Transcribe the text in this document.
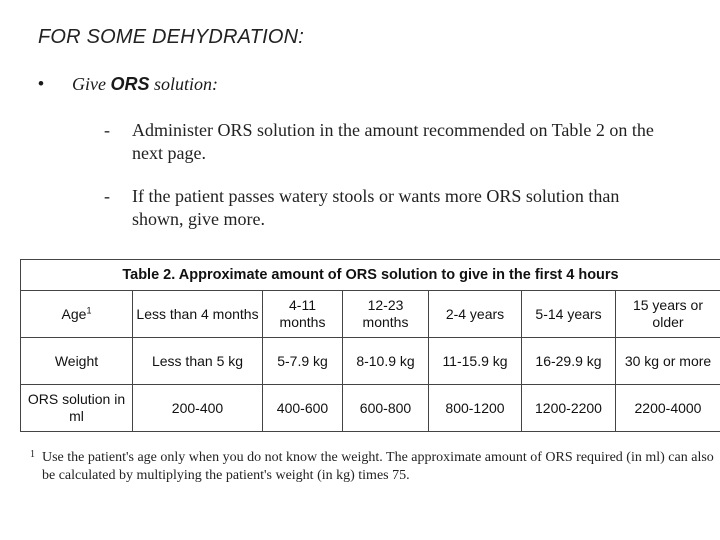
FOR SOME DEHYDRATION:
• Give ORS solution:
- Administer ORS solution in the amount recommended on Table 2 on the next page.
- If the patient passes watery stools or wants more ORS solution than shown, give more.
Table 2. Approximate amount of ORS solution to give in the first 4 hours						
Age$^1$	Less than 4 months	4-11 months	12-23 months	2-4 years	5-14 years	15 years or older
Weight	Less than 5 kg	5-7.9 kg	8-10.9 kg	11-15.9 kg	16-29.9 kg	30 kg or more
ORS solution in ml	200-400	400-600	600-800	800-1200	1200-2200	2200-4000
1 Use the patient's age only when you do not know the weight. The approximate amount of ORS required (in ml) can also be calculated by multiplying the patient's weight (in kg) times 75.
